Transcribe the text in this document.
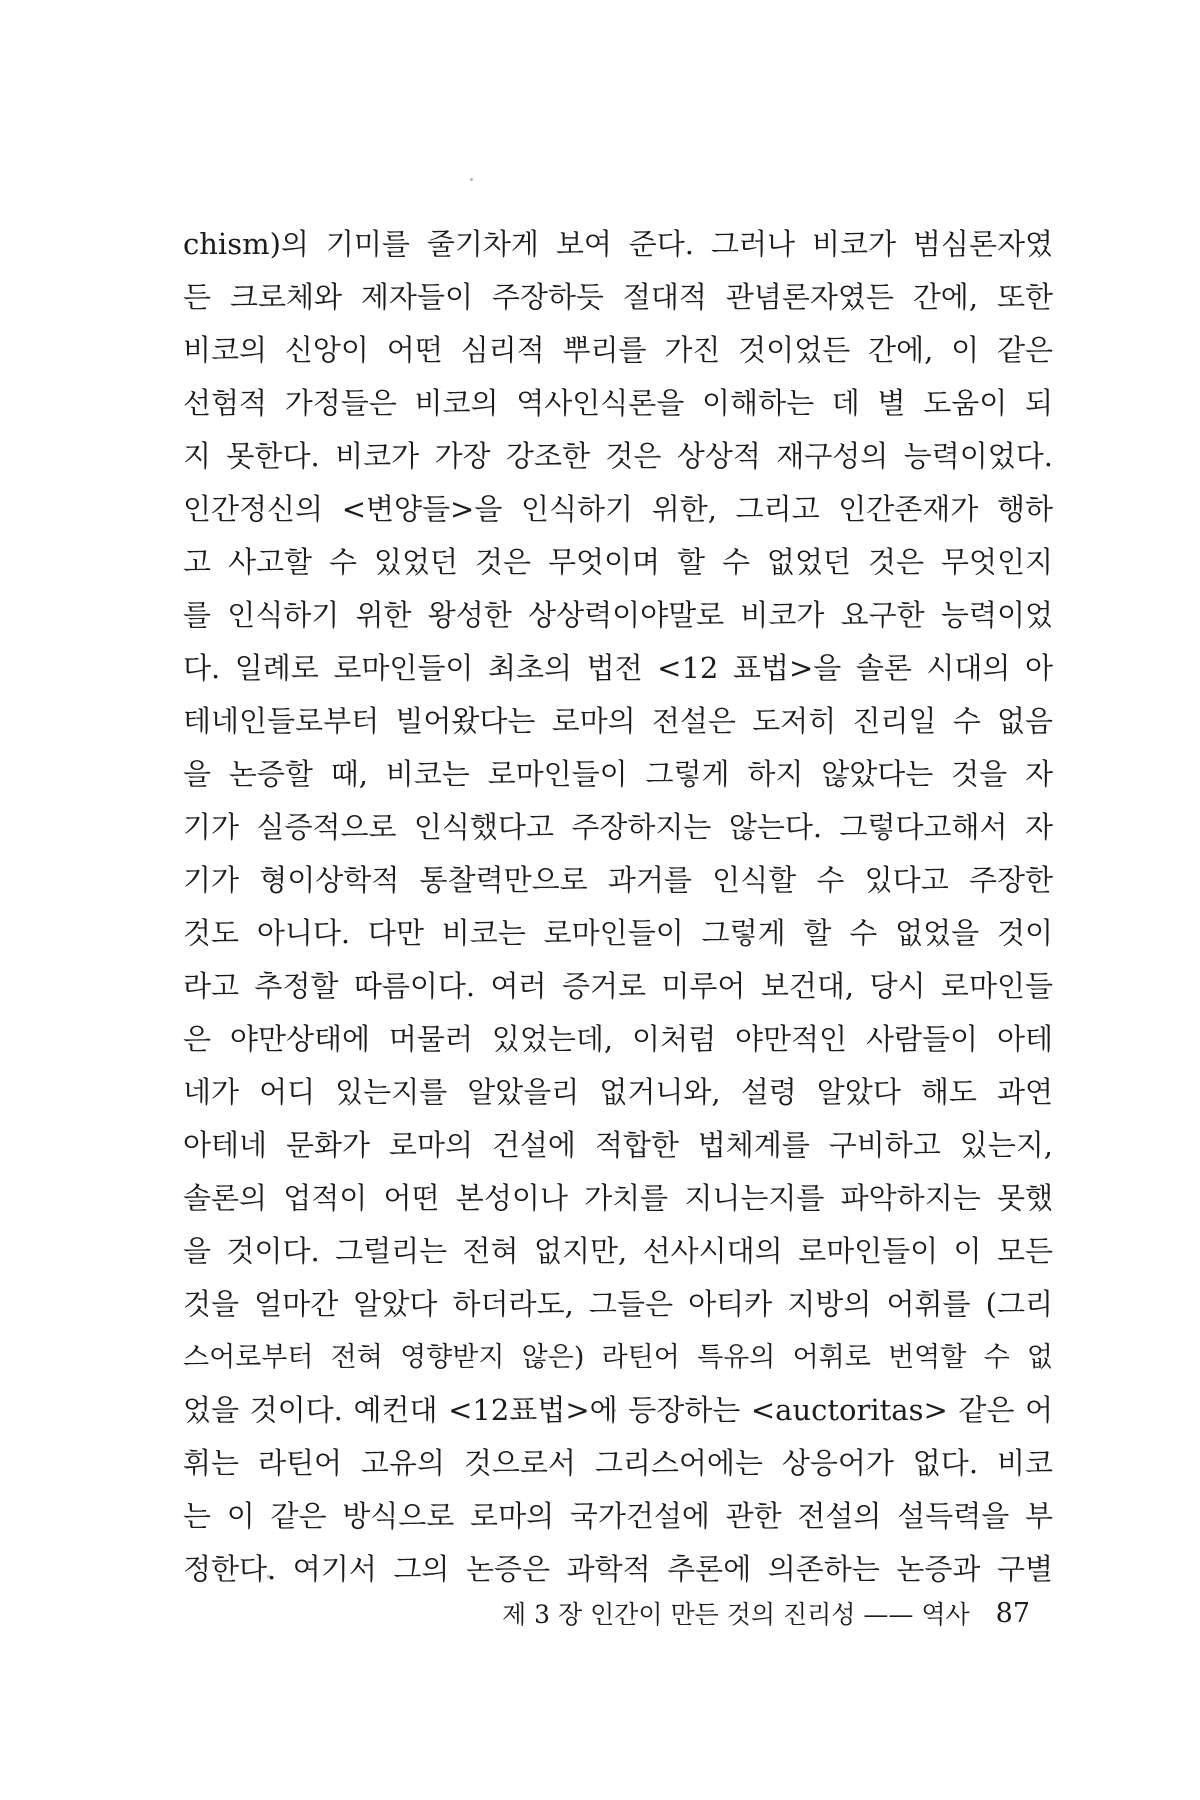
chism)의 기미를 줄기차게 보여 준다. 그러나 비코가 범심론자였
든 크로체와 제자들이 주장하듯 절대적 관념론자였든 간에, 또한
비코의 신앙이 어떤 심리적 뿌리를 가진 것이었든 간에, 이 같은
선험적 가정들은 비코의 역사인식론을 이해하는 데 별 도움이 되
지 못한다. 비코가 가장 강조한 것은 상상적 재구성의 능력이었다.
인간정신의 <변양들>을 인식하기 위한, 그리고 인간존재가 행하
고 사고할 수 있었던 것은 무엇이며 할 수 없었던 것은 무엇인지
를 인식하기 위한 왕성한 상상력이야말로 비코가 요구한 능력이었
다. 일례로 로마인들이 최초의 법전 <12 표법>을 솔론 시대의 아
테네인들로부터 빌어왔다는 로마의 전설은 도저히 진리일 수 없음
을 논증할 때, 비코는 로마인들이 그렇게 하지 않았다는 것을 자
기가 실증적으로 인식했다고 주장하지는 않는다. 그렇다고해서 자
기가 형이상학적 통찰력만으로 과거를 인식할 수 있다고 주장한
것도 아니다. 다만 비코는 로마인들이 그렇게 할 수 없었을 것이
라고 추정할 따름이다. 여러 증거로 미루어 보건대, 당시 로마인들
은 야만상태에 머물러 있었는데, 이처럼 야만적인 사람들이 아테
네가 어디 있는지를 알았을리 없거니와, 설령 알았다 해도 과연
아테네 문화가 로마의 건설에 적합한 법체계를 구비하고 있는지,
솔론의 업적이 어떤 본성이나 가치를 지니는지를 파악하지는 못했
을 것이다. 그럴리는 전혀 없지만, 선사시대의 로마인들이 이 모든
것을 얼마간 알았다 하더라도, 그들은 아티카 지방의 어휘를 (그리
스어로부터 전혀 영향받지 않은) 라틴어 특유의 어휘로 번역할 수 없
었을 것이다. 예컨대 <12표법>에 등장하는 <auctoritas> 같은 어
휘는 라틴어 고유의 것으로서 그리스어에는 상응어가 없다. 비코
는 이 같은 방식으로 로마의 국가건설에 관한 전설의 설득력을 부
정한다. 여기서 그의 논증은 과학적 추론에 의존하는 논증과 구별
제 3 장 인간이 만든 것의 진리성 —— 역사 87
